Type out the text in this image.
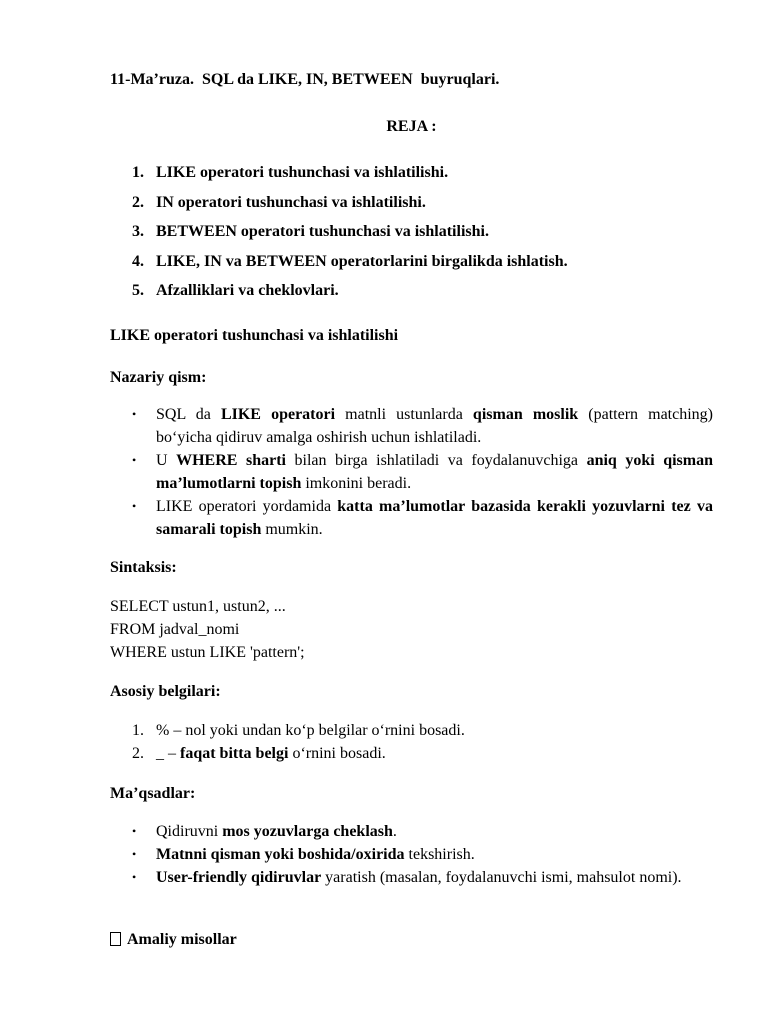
11-Ma’ruza.  SQL da LIKE, IN, BETWEEN  buyruqlari.
REJA :
1. LIKE operatori tushunchasi va ishlatilishi.
2. IN operatori tushunchasi va ishlatilishi.
3. BETWEEN operatori tushunchasi va ishlatilishi.
4. LIKE, IN va BETWEEN operatorlarini birgalikda ishlatish.
5. Afzalliklari va cheklovlari.
LIKE operatori tushunchasi va ishlatilishi
Nazariy qism:
• SQL da LIKE operatori matnli ustunlarda qisman moslik (pattern matching) bo‘yicha qidiruv amalga oshirish uchun ishlatiladi.
• U WHERE sharti bilan birga ishlatiladi va foydalanuvchiga aniq yoki qisman ma’lumotlarni topish imkonini beradi.
• LIKE operatori yordamida katta ma’lumotlar bazasida kerakli yozuvlarni tez va samarali topish mumkin.
Sintaksis:
SELECT ustun1, ustun2, ...
FROM jadval_nomi
WHERE ustun LIKE 'pattern';
Asosiy belgilari:
1. % – nol yoki undan ko‘p belgilar o‘rnini bosadi.
2. _ – faqat bitta belgi o‘rnini bosadi.
Ma’qsadlar:
• Qidiruvni mos yozuvlarga cheklash.
• Matnni qisman yoki boshida/oxirida tekshirish.
• User-friendly qidiruvlar yaratish (masalan, foydalanuvchi ismi, mahsulot nomi).
Amaliy misollar
